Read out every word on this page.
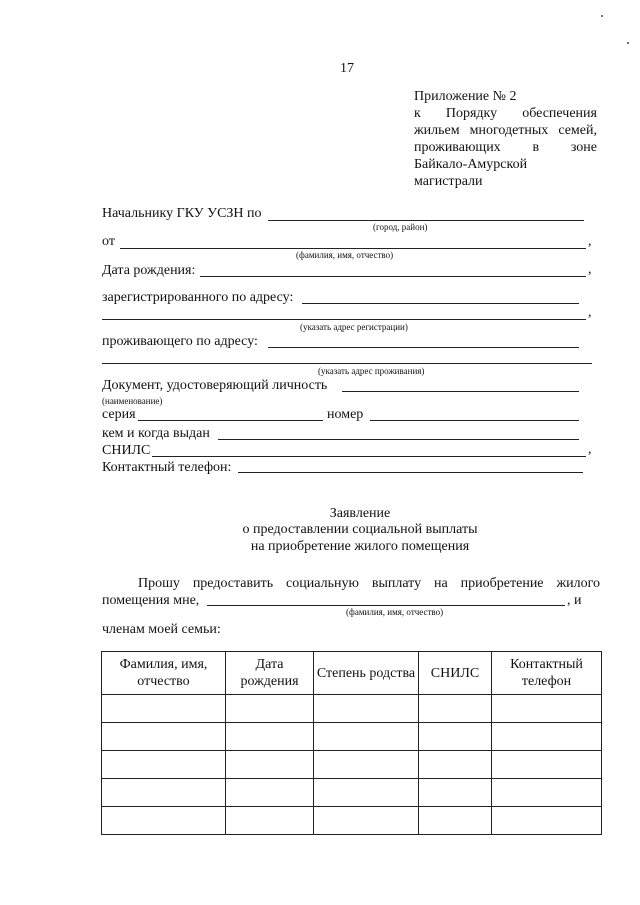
17
Приложение № 2
к Порядку обеспечения
жильем многодетных семей,
проживающих в зоне
Байкало-Амурской
магистрали
Начальнику ГКУ УСЗН по
(город, район)
от	,
(фамилия, имя, отчество)
Дата рождения:	,
зарегистрированного по адресу:
,
(указать адрес регистрации)
проживающего по адресу:
(указать адрес проживания)
Документ, удостоверяющий личность
(наименование)
серия	номер
кем и когда выдан
СНИЛС	,
Контактный телефон:
Заявление
о предоставлении социальной выплаты
на приобретение жилого помещения
Прошу предоставить социальную выплату на приобретение жилого
помещения мне,	, и
(фамилия, имя, отчество)
членам моей семьи:
Фамилия, имя, отчество	Дата рождения	Степень родства	СНИЛС	Контактный телефон
